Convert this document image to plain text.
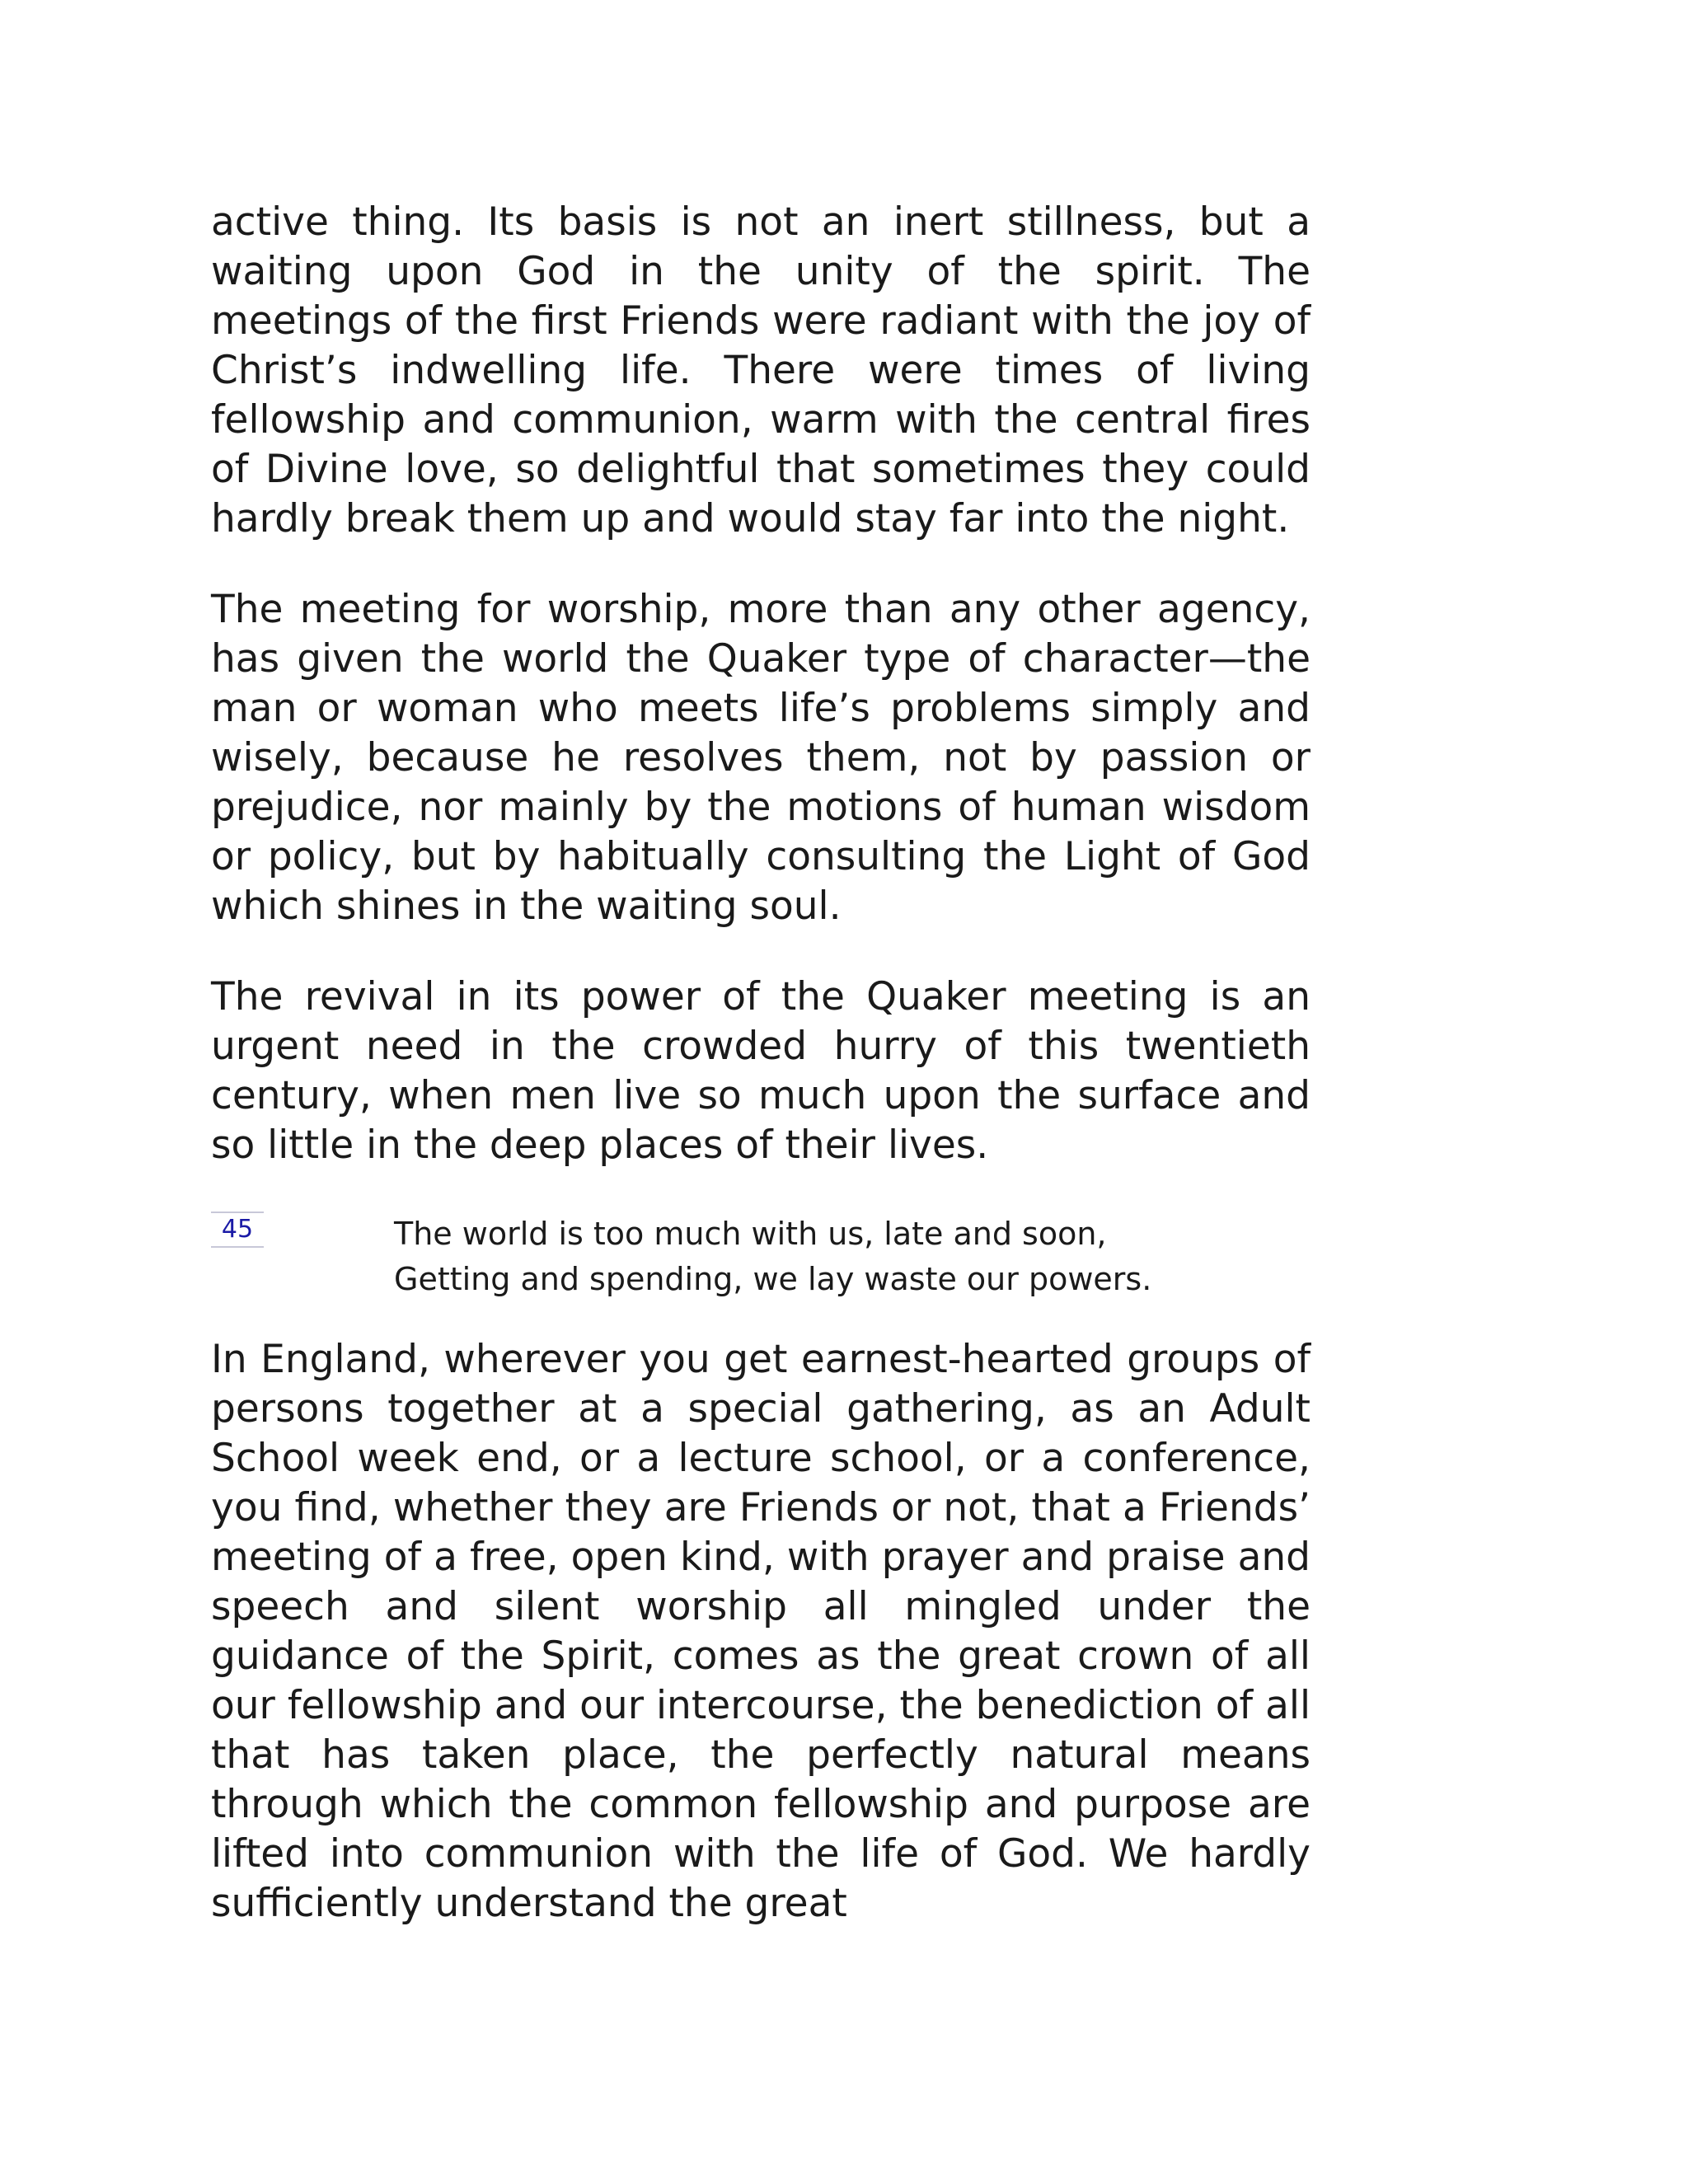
active thing. Its basis is not an inert stillness, but a waiting upon God in the unity of the spirit. The meetings of the first Friends were radiant with the joy of Christ’s indwelling life. There were times of living fellowship and communion, warm with the central fires of Divine love, so delightful that sometimes they could hardly break them up and would stay far into the night.

The meeting for worship, more than any other agency, has given the world the Quaker type of character—the man or woman who meets life’s problems simply and wisely, because he resolves them, not by passion or prejudice, nor mainly by the motions of human wisdom or policy, but by habitually consulting the Light of God which shines in the waiting soul.

The revival in its power of the Quaker meeting is an urgent need in the crowded hurry of this twentieth century, when men live so much upon the surface and so little in the deep places of their lives.

45	The world is too much with us, late and soon,

Getting and spending, we lay waste our powers.

In England, wherever you get earnest-hearted groups of persons together at a special gathering, as an Adult School week end, or a lecture school, or a conference, you find, whether they are Friends or not, that a Friends’ meeting of a free, open kind, with prayer and praise and speech and silent worship all mingled under the guidance of the Spirit, comes as the great crown of all our fellowship and our intercourse, the benediction of all that has taken place, the perfectly natural means through which the common fellowship and purpose are lifted into communion with the life of God. We hardly sufficiently understand the great
